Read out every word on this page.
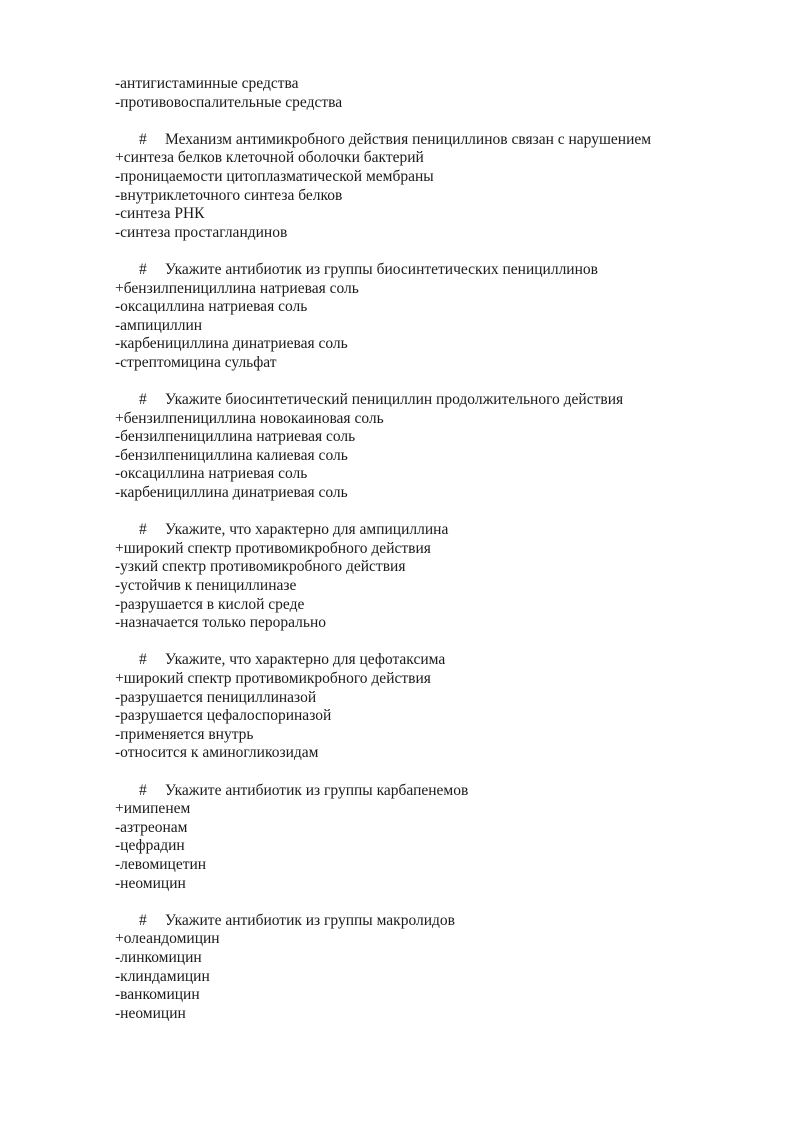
-антигистаминные средства
-противовоспалительные средства
# Механизм антимикробного действия пенициллинов связан с нарушением
+синтеза белков клеточной оболочки бактерий
-проницаемости цитоплазматической мембраны
-внутриклеточного синтеза белков
-синтеза РНК
-синтеза простагландинов
# Укажите антибиотик из группы биосинтетических пенициллинов
+бензилпенициллина натриевая соль
-оксациллина натриевая соль
-ампициллин
-карбенициллина динатриевая соль
-стрептомицина сульфат
# Укажите биосинтетический пенициллин продолжительного действия
+бензилпенициллина новокаиновая соль
-бензилпенициллина натриевая соль
-бензилпенициллина калиевая соль
-оксациллина натриевая соль
-карбенициллина динатриевая соль
# Укажите, что характерно для ампициллина
+широкий спектр противомикробного действия
-узкий спектр противомикробного действия
-устойчив к пенициллиназе
-разрушается в кислой среде
-назначается только перорально
# Укажите, что характерно для цефотаксима
+широкий спектр противомикробного действия
-разрушается пенициллиназой
-разрушается цефалоспориназой
-применяется внутрь
-относится к аминогликозидам
# Укажите антибиотик из группы карбапенемов
+имипенем
-азтреонам
-цефрадин
-левомицетин
-неомицин
# Укажите антибиотик из группы макролидов
+олеандомицин
-линкомицин
-клиндамицин
-ванкомицин
-неомицин
